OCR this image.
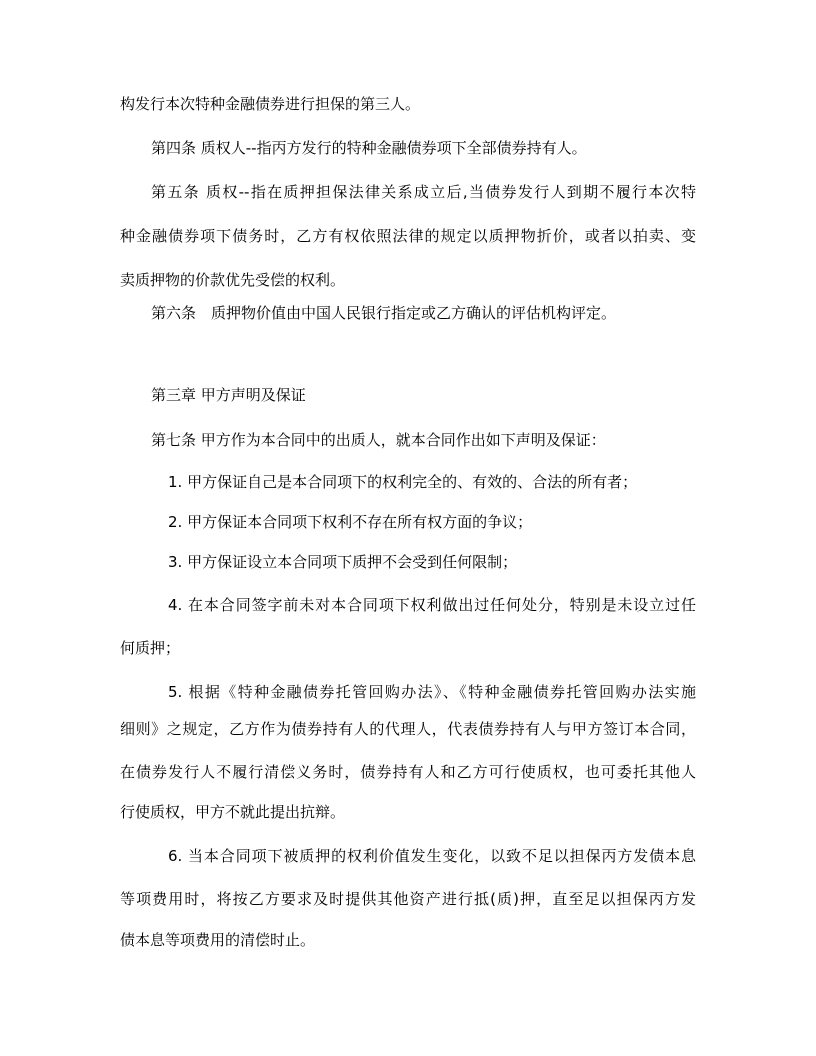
构发行本次特种金融债券进行担保的第三人。
第四条 质权人--指丙方发行的特种金融债券项下全部债券持有人。
第五条 质权--指在质押担保法律关系成立后,当债券发行人到期不履行本次特
种金融债券项下债务时，乙方有权依照法律的规定以质押物折价，或者以拍卖、变
卖质押物的价款优先受偿的权利。
第六条　质押物价值由中国人民银行指定或乙方确认的评估机构评定。
第三章 甲方声明及保证
第七条 甲方作为本合同中的出质人，就本合同作出如下声明及保证：
1. 甲方保证自己是本合同项下的权利完全的、有效的、合法的所有者；
2. 甲方保证本合同项下权利不存在所有权方面的争议；
3. 甲方保证设立本合同项下质押不会受到任何限制；
4. 在本合同签字前未对本合同项下权利做出过任何处分，特别是未设立过任
何质押；
5. 根据《特种金融债券托管回购办法》、《特种金融债券托管回购办法实施
细则》之规定，乙方作为债券持有人的代理人，代表债券持有人与甲方签订本合同，
在债券发行人不履行清偿义务时，债券持有人和乙方可行使质权，也可委托其他人
行使质权，甲方不就此提出抗辩。
6. 当本合同项下被质押的权利价值发生变化，以致不足以担保丙方发债本息
等项费用时，将按乙方要求及时提供其他资产进行抵(质)押，直至足以担保丙方发
债本息等项费用的清偿时止。
